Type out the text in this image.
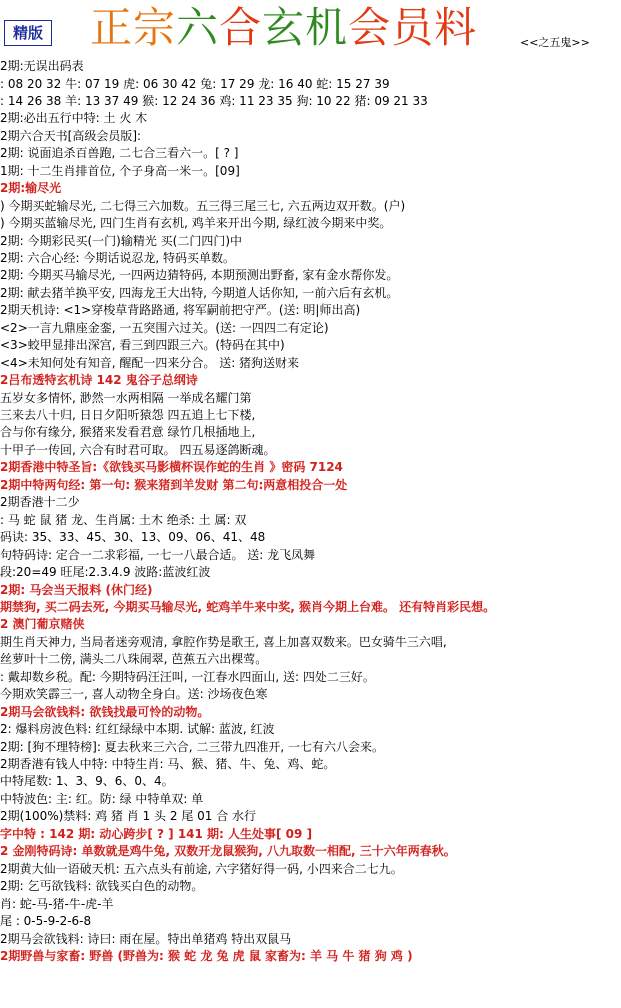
精版 正宗六合玄机会员料	<<之五鬼>>
2期:无误出码表
: 08 20 32 牛: 07 19 虎: 06 30 42 兔: 17 29 龙: 16 40 蛇: 15 27 39
: 14 26 38 羊: 13 37 49 猴: 12 24 36 鸡: 11 23 35 狗: 10 22 猪: 09 21 33
2期:必出五行中特: 土 火 木
2期六合天书[高级会员版]:
2期: 说面追杀百兽跑, 二七合三看六一。[ ? ]
1期: 十二生肖排首位, 个子身高一米一。[09]
2期:输尽光
) 今期买蛇输尽光, 二七得三六加数。五三得三尾三七, 六五两边双开数。(户)
) 今期买蓝输尽光, 四门生肖有玄机, 鸡羊来开出今期, 绿红波今期来中奖。
2期: 今期彩民买(一门)输精光 买(二门四门)中
2期: 六合心经: 今期话说忍龙, 特码买单数。
2期: 今期买马输尽光, 一四两边猜特码, 本期预测出野畜, 家有金水帮你发。
2期: 献去猪羊换平安, 四海龙王大出特, 今期道人话你知, 一前六后有玄机。
2期天机诗: <1>穿梭草背路路通, 将军嗣前把守严。(送: 明|师出高)
<2>一言九鼎座金銮, 一五突围六过关。(送: 一四四二有定论)
<3>蛟甲显排出深宫, 看三到四跟三六。(特码在其中)
<4>未知何处有知音, 醒配一四来分合。 送: 猪狗送财来
2吕布透特玄机诗 142 鬼谷子总纲诗
五岁女多情怀, 渺然一水两相隔 一举成名耀门第
三来去八十归, 日日夕阳听猿怨 四五追上七下楼,
合与你有缘分, 猴猪来发看君意 绿竹几根插地上,
十甲子一传回, 六合有时君可取。 四五易逐鸽断魂。
2期香港中特圣旨:《欲钱买马影横杯误作蛇的生肖 》密码 7124
2期中特两句经: 第一句: 猴来猪到羊发财 第二句:两意相投合一处
2期香港十二少
: 马 蛇 鼠 猪 龙、生肖属: 土木 绝杀: 土 属: 双
码诀: 35、33、45、30、13、09、06、41、48
句特码诗: 定合一二求彩福, 一七一八最合适。 送: 龙飞凤舞
段:20=49 旺尾:2.3.4.9 波路:蓝波红波
2期: 马会当天报料 (休门经)
期禁狗, 买二码去死, 今期买马输尽光, 蛇鸡羊牛来中奖, 猴肖今期上台难。 还有特肖彩民想。
2 澳门葡京赌侠
期生肖天神力, 当局者迷旁观清, 拿腔作势是歌王, 喜上加喜双数来。巴女骑牛三六唱,
丝萝叶十二傍, 满头二八珠闹翠, 芭蕉五六出棵莺。
: 戴却数乡税。配: 今期特码汪汪叫, 一江春水四面山, 送: 四处二三好。
今期欢笑霹三一, 喜人动物全身白。送: 沙场夜色寒
2期马会欲钱料: 欲钱找最可怜的动物。
2: 爆料房波色料: 红红绿绿中本期. 试解: 蓝波, 红波
2期: [狗不理特榜]: 夏去秋来三六合, 二三带九四准开, 一七有六八会来。
2期香港有钱人中特: 中特生肖: 马、猴、猪、牛、兔、鸡、蛇。
中特尾数: 1、3、9、6、0、4。
中特波色: 主: 红。防: 绿 中特单双: 单
2期(100%)禁料: 鸡 猪 肖 1 头 2 尾 01 合 水行
字中特 : 142 期: 动心跨步[ ? ] 141 期: 人生处事[ 09 ]
2 金刚特码诗: 单数就是鸡牛兔, 双数开龙鼠猴狗, 八九取数一相配, 三十六年两春秋。
2期黄大仙一语破天机: 五六点头有前途, 六字猪好得一码, 小四来合二七九。
2期: 乞丐欲钱料: 欲钱买白色的动物。
肖: 蛇-马-猪-牛-虎-羊
尾 : 0-5-9-2-6-8
2期马会欲钱料: 诗曰: 雨在屋。特出单猪鸡 特出双鼠马
2期野兽与家畜: 野兽 (野兽为: 猴 蛇 龙 兔 虎 鼠 家畜为: 羊 马 牛 猪 狗 鸡 )
